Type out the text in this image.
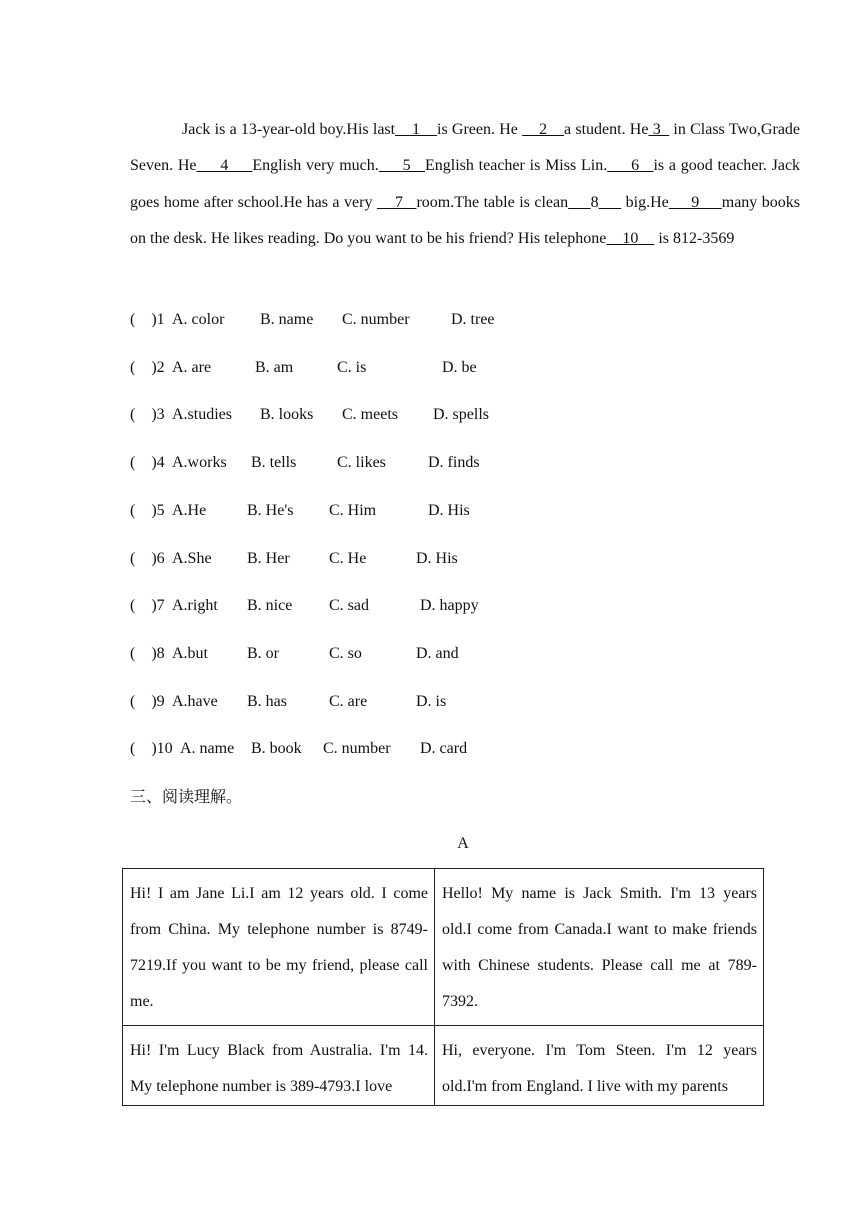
Jack is a 13-year-old boy.His last    1    is Green. He     2    a student. He 3   in Class Two,Grade Seven. He     4     English very much.     5   English teacher is Miss Lin.     6   is a good teacher. Jack goes home after school.He has a very     7   room.The table is clean 8      big.He     9     many books on the desk. He likes reading. Do you want to be his friend? His telephone    10     is 812-3569

(    )1 A. color B. name C. number	D. tree
(    )2 A. are	B. am	C. is	D. be
(    )3 A.studies B. looks C. meets D. spells
(    )4 A.works B. tells	C. likes	D. finds
(    )5 A.He	B. He's C. Him	D. His
(    )6 A.She B. Her C. He	D. His
(    )7 A.right B. nice C. sad	D. happy
(    )8 A.but B. or	C. so	D. and
(    )9 A.have B. has	C. are	D. is
(    )10 A. name B. book C. number D. card
三、阅读理解。
A
Hi! I am Jane Li.I am 12 years old. I come from China. My telephone number is 8749-7219.If you want to be my friend, please call me.	Hello! My name is Jack Smith. I'm 13 years old.I come from Canada.I want to make friends with Chinese students. Please call me at 789-7392.
Hi! I'm Lucy Black from Australia. I'm 14. My telephone number is 389-4793.I love	Hi, everyone. I'm Tom Steen. I'm 12 years old.I'm from England. I live with my parents
